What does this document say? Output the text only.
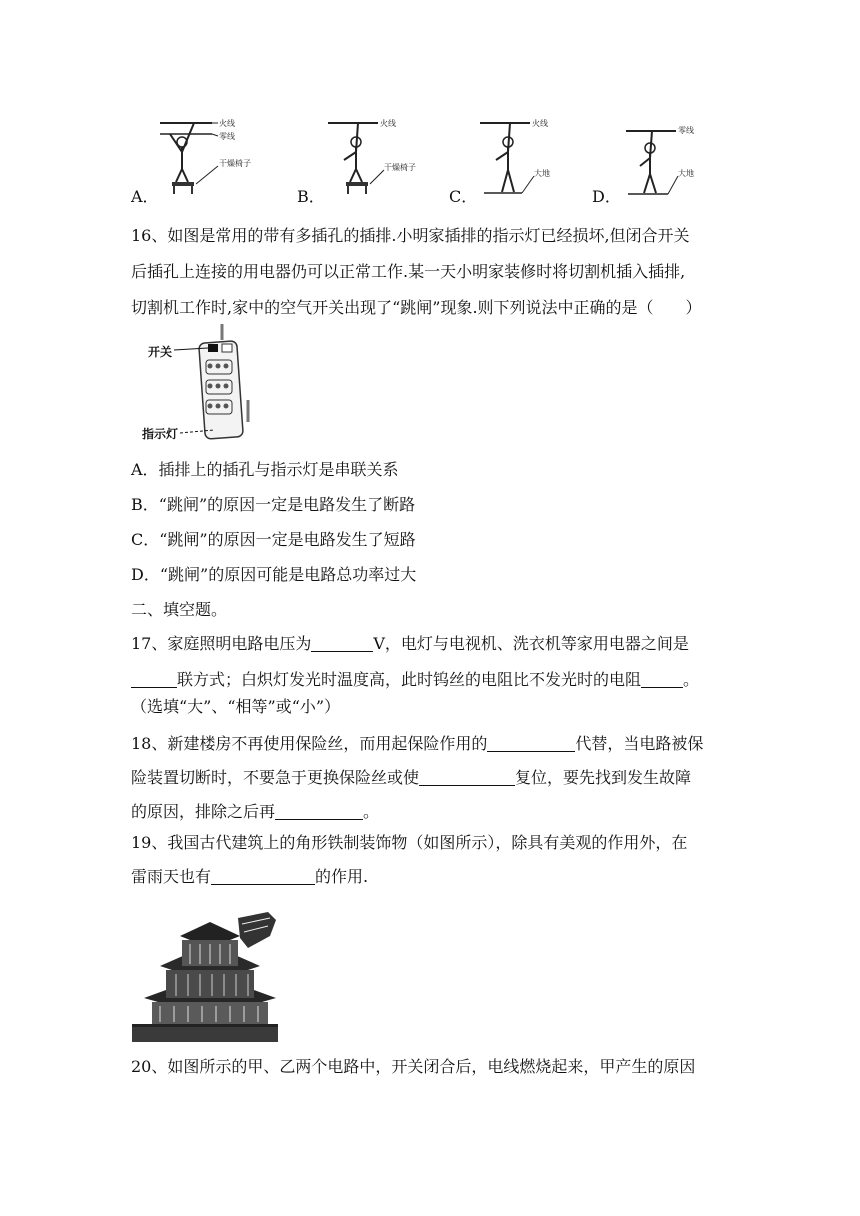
火线
零线
干燥椅子
火线
干燥椅子
火线
大地
零线
大地
A．	B．	C．	D．
16、如图是常用的带有多插孔的插排.小明家插排的指示灯已经损坏,但闭合开关
后插孔上连接的用电器仍可以正常工作.某一天小明家装修时将切割机插入插排,
切割机工作时,家中的空气开关出现了“跳闸”现象.则下列说法中正确的是（　　）
开关
指示灯
A．插排上的插孔与指示灯是串联关系
B．“跳闸”的原因一定是电路发生了断路
C．“跳闸”的原因一定是电路发生了短路
D．“跳闸”的原因可能是电路总功率过大
二、填空题。
17、家庭照明电路电压为	V，电灯与电视机、洗衣机等家用电器之间是
联方式；白炽灯发光时温度高，此时钨丝的电阻比不发光时的电阻	。
（选填“大”、“相等”或“小”）
18、新建楼房不再使用保险丝，而用起保险作用的	代替，当电路被保
险装置切断时，不要急于更换保险丝或使	复位，要先找到发生故障
的原因，排除之后再	。
19、我国古代建筑上的角形铁制装饰物（如图所示），除具有美观的作用外，在
雷雨天也有	的作用.
20、如图所示的甲、乙两个电路中，开关闭合后，电线燃烧起来，甲产生的原因
